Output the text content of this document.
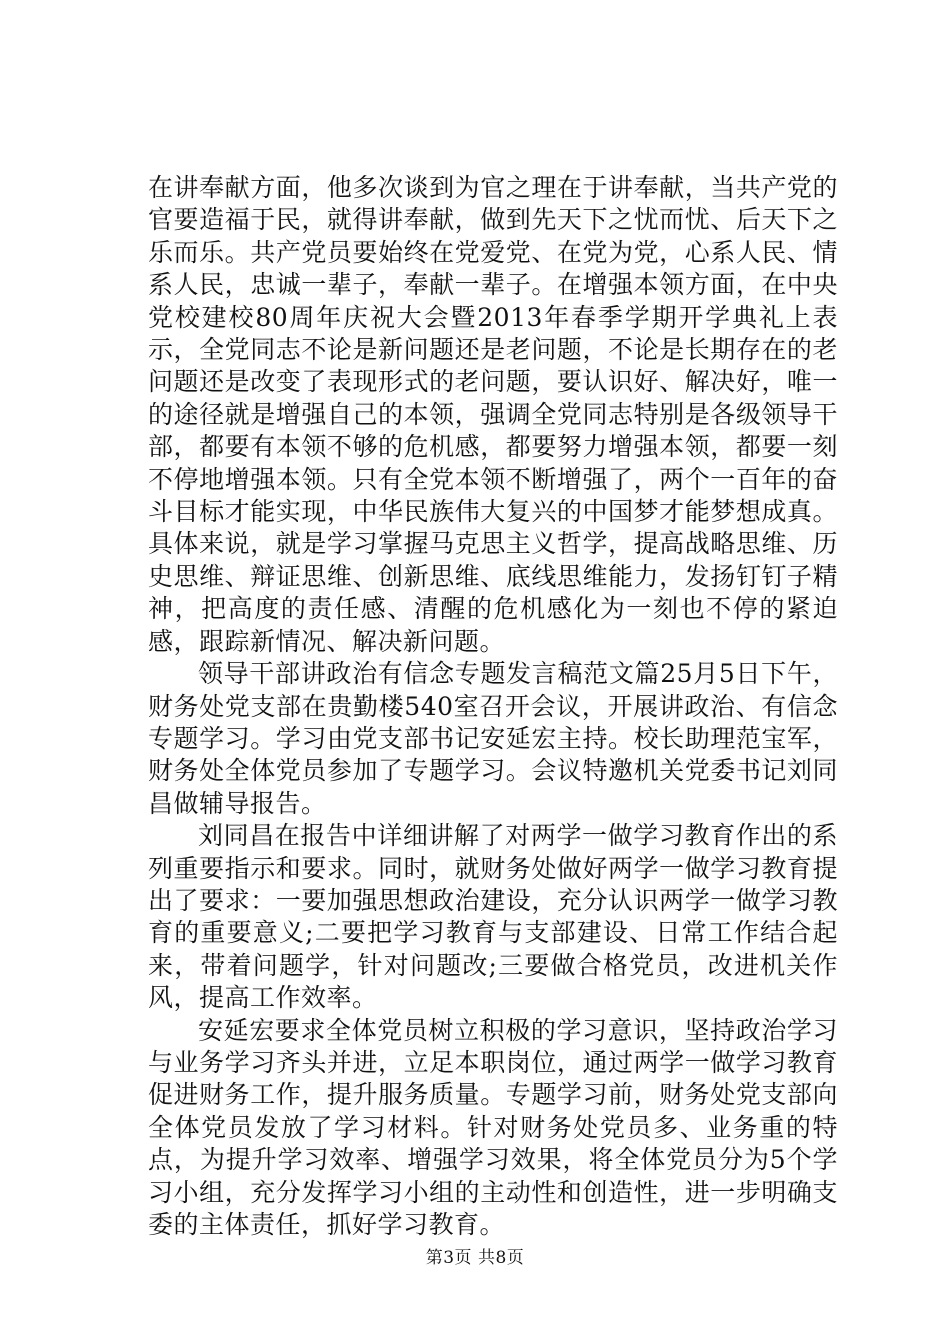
在讲奉献方面，他多次谈到为官之理在于讲奉献，当共产党的官要造福于民，就得讲奉献，做到先天下之忧而忧、后天下之乐而乐。共产党员要始终在党爱党、在党为党，心系人民、情系人民，忠诚一辈子，奉献一辈子。在增强本领方面，在中央党校建校80周年庆祝大会暨2013年春季学期开学典礼上表示，全党同志不论是新问题还是老问题，不论是长期存在的老问题还是改变了表现形式的老问题，要认识好、解决好，唯一的途径就是增强自己的本领，强调全党同志特别是各级领导干部，都要有本领不够的危机感，都要努力增强本领，都要一刻不停地增强本领。只有全党本领不断增强了，两个一百年的奋斗目标才能实现，中华民族伟大复兴的中国梦才能梦想成真。具体来说，就是学习掌握马克思主义哲学，提高战略思维、历史思维、辩证思维、创新思维、底线思维能力，发扬钉钉子精神，把高度的责任感、清醒的危机感化为一刻也不停的紧迫感，跟踪新情况、解决新问题。

领导干部讲政治有信念专题发言稿范文篇25月5日下午，财务处党支部在贵勤楼540室召开会议，开展讲政治、有信念专题学习。学习由党支部书记安延宏主持。校长助理范宝军，财务处全体党员参加了专题学习。会议特邀机关党委书记刘同昌做辅导报告。

刘同昌在报告中详细讲解了对两学一做学习教育作出的系列重要指示和要求。同时，就财务处做好两学一做学习教育提出了要求：一要加强思想政治建设，充分认识两学一做学习教育的重要意义;二要把学习教育与支部建设、日常工作结合起来，带着问题学，针对问题改;三要做合格党员，改进机关作风，提高工作效率。

安延宏要求全体党员树立积极的学习意识，坚持政治学习与业务学习齐头并进，立足本职岗位，通过两学一做学习教育促进财务工作，提升服务质量。专题学习前，财务处党支部向全体党员发放了学习材料。针对财务处党员多、业务重的特点，为提升学习效率、增强学习效果，将全体党员分为5个学习小组，充分发挥学习小组的主动性和创造性，进一步明确支委的主体责任，抓好学习教育。

第3页 共8页
